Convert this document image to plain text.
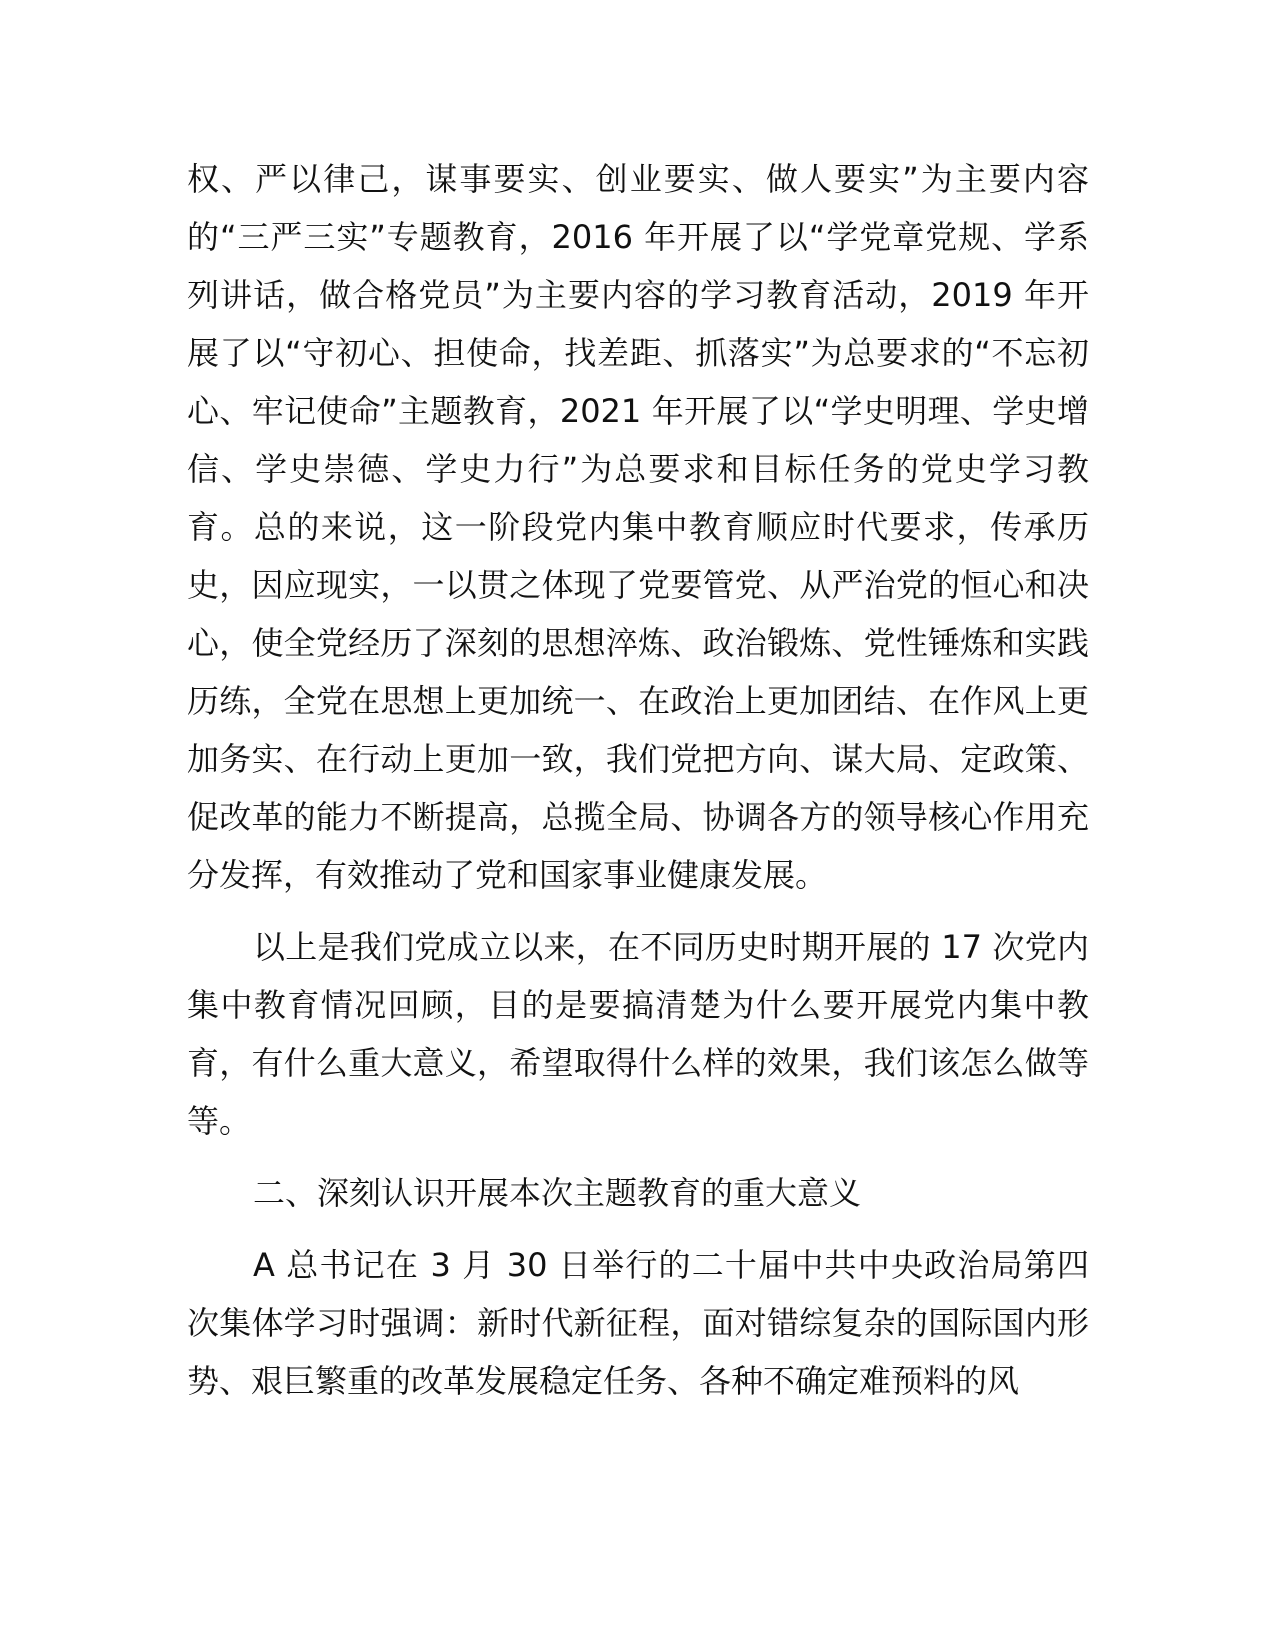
权、严以律己，谋事要实、创业要实、做人要实”为主要内容的“三严三实”专题教育，2016 年开展了以“学党章党规、学系列讲话，做合格党员”为主要内容的学习教育活动，2019 年开展了以“守初心、担使命，找差距、抓落实”为总要求的“不忘初心、牢记使命”主题教育，2021 年开展了以“学史明理、学史增信、学史崇德、学史力行”为总要求和目标任务的党史学习教育。总的来说，这一阶段党内集中教育顺应时代要求，传承历史，因应现实，一以贯之体现了党要管党、从严治党的恒心和决心，使全党经历了深刻的思想淬炼、政治锻炼、党性锤炼和实践历练，全党在思想上更加统一、在政治上更加团结、在作风上更加务实、在行动上更加一致，我们党把方向、谋大局、定政策、促改革的能力不断提高，总揽全局、协调各方的领导核心作用充分发挥，有效推动了党和国家事业健康发展。

以上是我们党成立以来，在不同历史时期开展的 17 次党内集中教育情况回顾，目的是要搞清楚为什么要开展党内集中教育，有什么重大意义，希望取得什么样的效果，我们该怎么做等等。

二、深刻认识开展本次主题教育的重大意义

A 总书记在 3 月 30 日举行的二十届中共中央政治局第四次集体学习时强调：新时代新征程，面对错综复杂的国际国内形势、艰巨繁重的改革发展稳定任务、各种不确定难预料的风
